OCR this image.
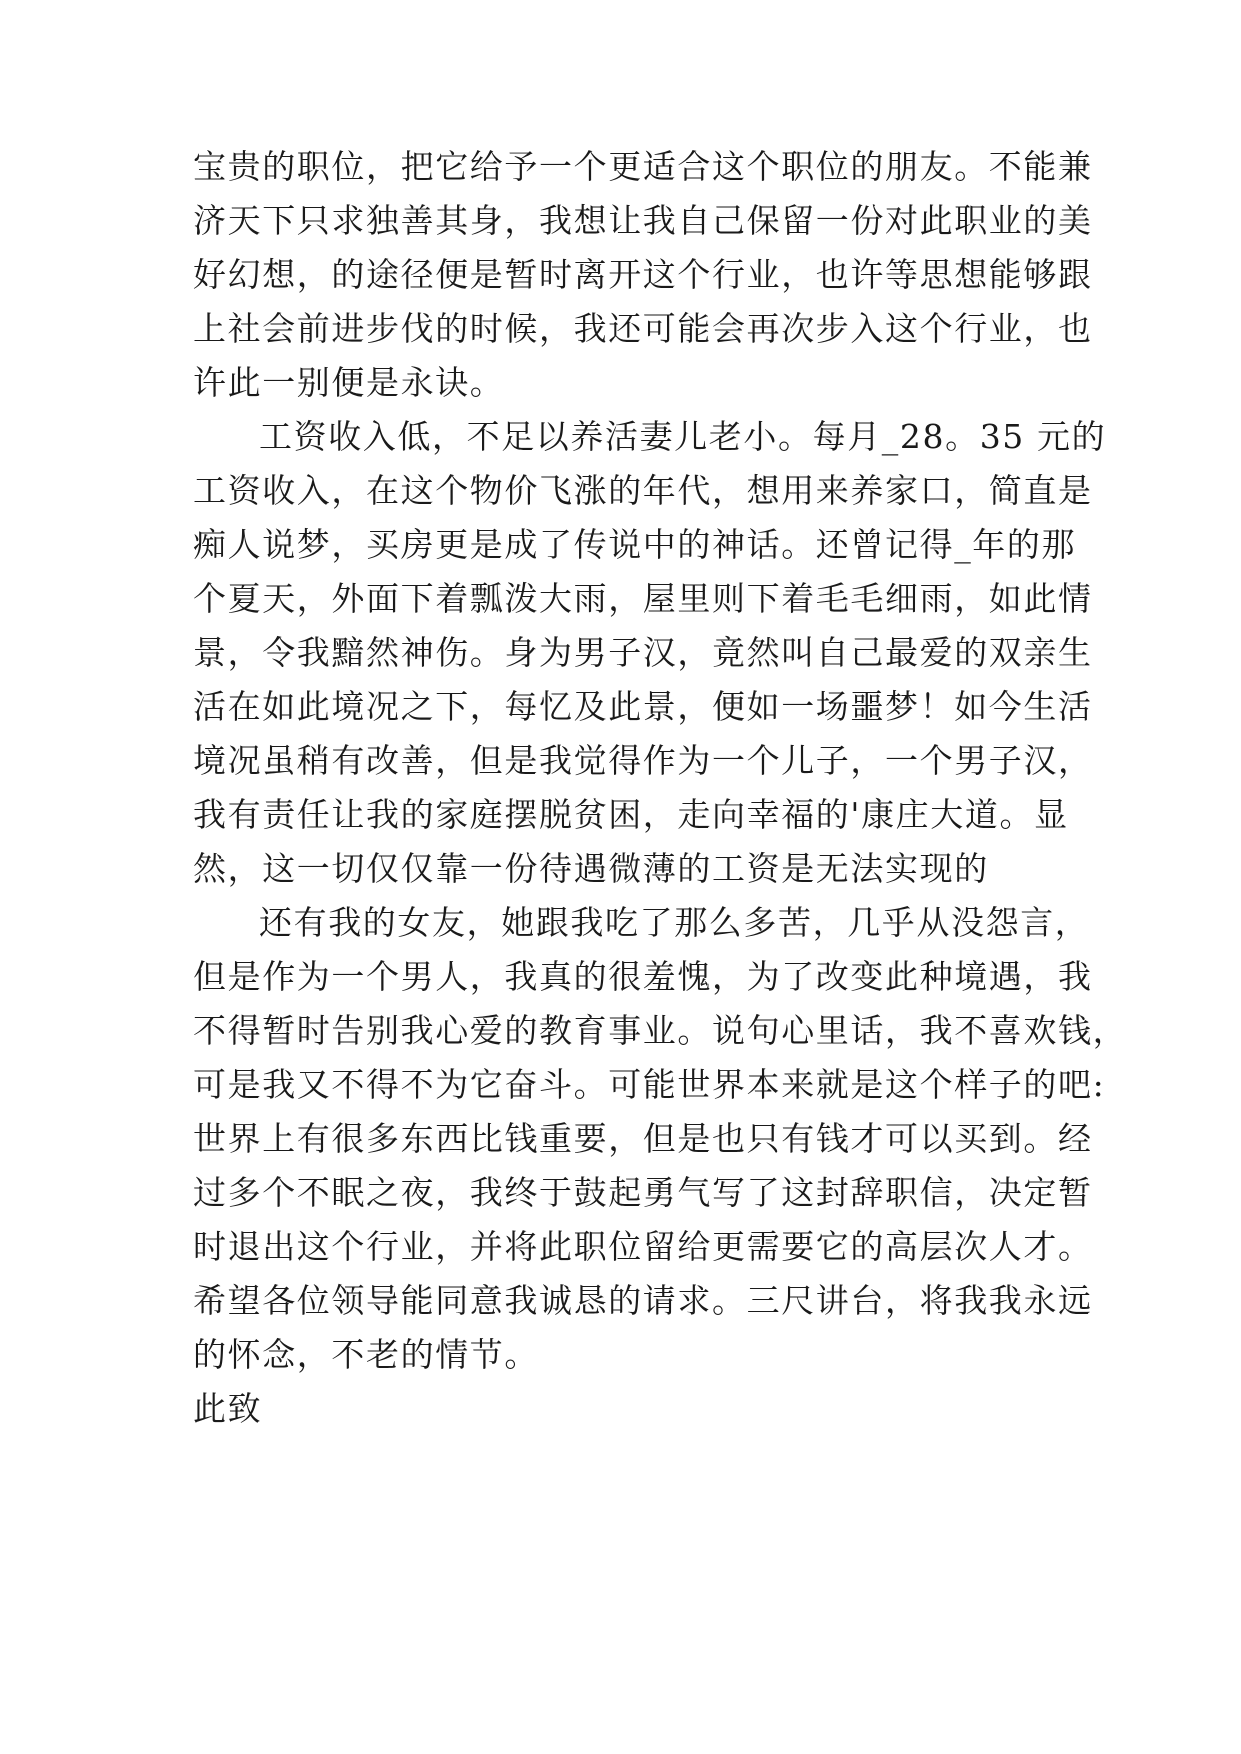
宝贵的职位，把它给予一个更适合这个职位的朋友。不能兼
济天下只求独善其身，我想让我自己保留一份对此职业的美
好幻想，的途径便是暂时离开这个行业，也许等思想能够跟
上社会前进步伐的时候，我还可能会再次步入这个行业，也
许此一别便是永诀。
工资收入低，不足以养活妻儿老小。每月_28。35 元的
工资收入，在这个物价飞涨的年代，想用来养家口，简直是
痴人说梦，买房更是成了传说中的神话。还曾记得_年的那
个夏天，外面下着瓢泼大雨，屋里则下着毛毛细雨，如此情
景，令我黯然神伤。身为男子汉，竟然叫自己最爱的双亲生
活在如此境况之下，每忆及此景，便如一场噩梦！如今生活
境况虽稍有改善，但是我觉得作为一个儿子，一个男子汉，
我有责任让我的家庭摆脱贫困，走向幸福的'康庄大道。显
然，这一切仅仅靠一份待遇微薄的工资是无法实现的
还有我的女友，她跟我吃了那么多苦，几乎从没怨言，
但是作为一个男人，我真的很羞愧，为了改变此种境遇，我
不得暂时告别我心爱的教育事业。说句心里话，我不喜欢钱，
可是我又不得不为它奋斗。可能世界本来就是这个样子的吧:
世界上有很多东西比钱重要，但是也只有钱才可以买到。经
过多个不眠之夜，我终于鼓起勇气写了这封辞职信，决定暂
时退出这个行业，并将此职位留给更需要它的高层次人才。
希望各位领导能同意我诚恳的请求。三尺讲台，将我我永远
的怀念，不老的情节。
此致
